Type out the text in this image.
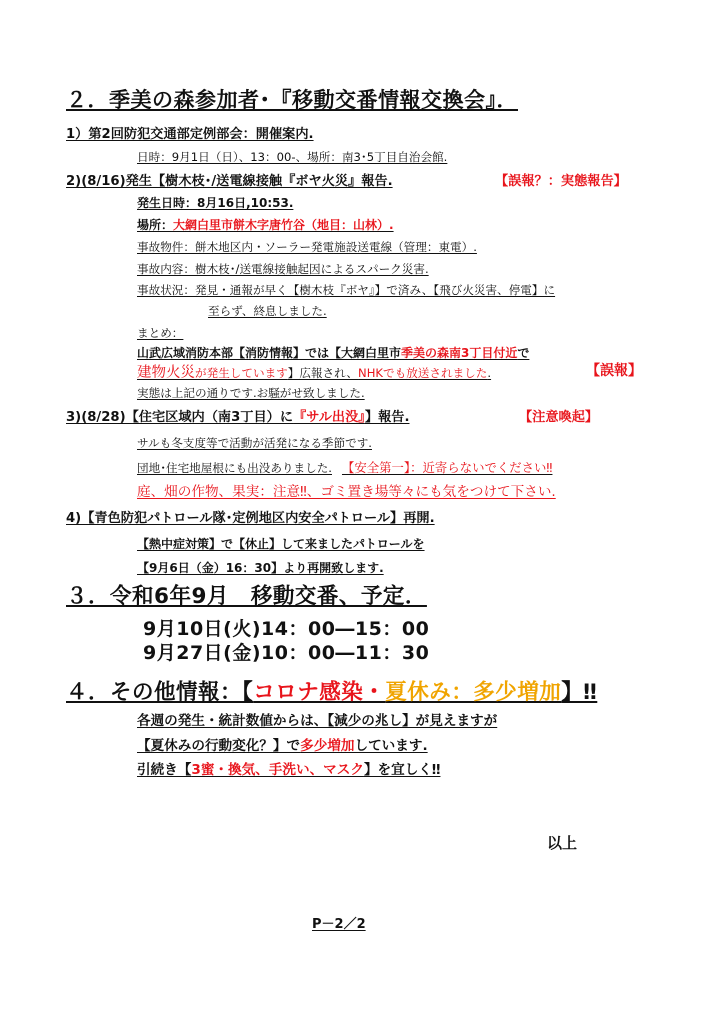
２．季美の森参加者･『移動交番情報交換会』．
1）第2回防犯交通部定例部会：開催案内.
日時：9月1日（日）、13：00-、場所：南3･5丁目自治会館.
2)(8/16)発生【樹木枝･/送電線接触『ボヤ火災』報告.	【誤報？：実態報告】
発生日時：8月16日,10:53.
場所：大網白里市餅木字唐竹谷（地目：山林）.
事故物件：餅木地区内・ソーラー発電施設送電線（管理：東電）.
事故内容：樹木枝･/送電線接触起因によるスパーク災害.
事故状況：発見・通報が早く【樹木枝『ボヤ』】で済み、【飛び火災害、停電】に
至らず、終息しました.
まとめ：
山武広域消防本部【消防情報】では【大網白里市季美の森南3丁目付近で
建物火災が発生しています】広報され、NHKでも放送されました.	【誤報】
実態は上記の通りです.お騒がせ致しました.
3)(8/28)【住宅区域内（南3丁目）に『サル出没』】報告.	【注意喚起】
サルも冬支度等で活動が活発になる季節です.
団地･住宅地屋根にも出没ありました. 【安全第一】：近寄らないでください‼
庭、畑の作物、果実：注意‼、ゴミ置き場等々にも気をつけて下さい.
4)【青色防犯パトロール隊･定例地区内安全パトロール】再開.
【熱中症対策】で【休止】して来ましたパトロールを
【9月6日（金）16：30】より再開致します.
３．令和6年9月　移動交番、予定．
9月10日(火)14：00―15：00
9月27日(金)10：00―11：30
４．その他情報：【コロナ感染・夏休み：多少増加】‼
各週の発生・統計数値からは、【減少の兆し】が見えますが
【夏休みの行動変化？】で多少増加しています.
引続き【3蜜・換気、手洗い、マスク】を宜しく‼
以上
P－2／2
